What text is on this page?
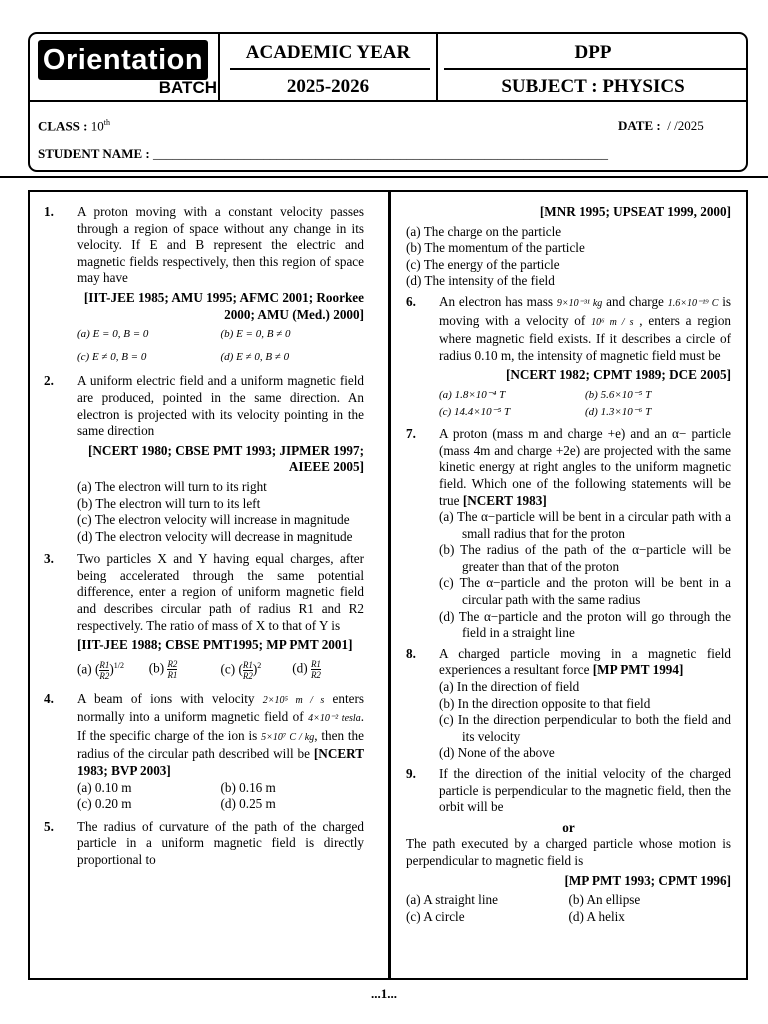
Orientation
BATCH
ACADEMIC YEAR
2025-2026
DPP
SUBJECT : PHYSICS
CLASS : 10th	DATE : / /2025
STUDENT NAME : ______________________________________________________________________
1. A proton moving with a constant velocity passes through a region of space without any change in its velocity. If E and B represent the electric and magnetic fields respectively, then this region of space may have
[IIT-JEE 1985; AMU 1995; AFMC 2001; Roorkee 2000; AMU (Med.) 2000]
(a) E = 0, B = 0	(b) E = 0, B ≠ 0
(c) E ≠ 0, B = 0	(d) E ≠ 0, B ≠ 0
2. A uniform electric field and a uniform magnetic field are produced, pointed in the same direction. An electron is projected with its velocity pointing in the same direction
[NCERT 1980; CBSE PMT 1993; JIPMER 1997; AIEEE 2005]
(a) The electron will turn to its right
(b) The electron will turn to its left
(c) The electron velocity will increase in magnitude
(d) The electron velocity will decrease in magnitude
3. Two particles X and Y having equal charges, after being accelerated through the same potential difference, enter a region of uniform magnetic field and describes circular path of radius R1 and R2 respectively. The ratio of mass of X to that of Y is
[IIT-JEE 1988; CBSE PMT1995; MP PMT 2001]
(a) ( $\frac{R1}{R2} )^{1/2}$	$(b) \frac{R2}{R1}$	(c) ( $\frac{R1}{R2} )^2$	$(d) \frac{R1}{R2}$
4. A beam of ions with velocity 2×10⁵ m / s enters normally into a uniform magnetic field of 4×10⁻² tesla. If the specific charge of the ion is 5×10⁷ C / kg, then the radius of the circular path described will be [NCERT 1983; BVP 2003]
(a) 0.10 m	(b) 0.16 m
(c) 0.20 m	(d) 0.25 m
5. The radius of curvature of the path of the charged particle in a uniform magnetic field is directly proportional to
[MNR 1995; UPSEAT 1999, 2000]
(a) The charge on the particle
(b) The momentum of the particle
(c) The energy of the particle
(d) The intensity of the field
6. An electron has mass 9×10⁻³¹ kg and charge 1.6×10⁻¹⁹ C is moving with a velocity of 10⁶ m / s , enters a region where magnetic field exists. If it describes a circle of radius 0.10 m, the intensity of magnetic field must be
[NCERT 1982; CPMT 1989; DCE 2005]
(a) 1.8×10⁻⁴ T	(b) 5.6×10⁻⁵ T
(c) 14.4×10⁻⁵ T	(d) 1.3×10⁻⁶ T
7. A proton (mass m and charge +e) and an α− particle (mass 4m and charge +2e) are projected with the same kinetic energy at right angles to the uniform magnetic field. Which one of the following statements will be true [NCERT 1983]
(a) The α−particle will be bent in a circular path with a small radius that for the proton
(b) The radius of the path of the α−particle will be greater than that of the proton
(c) The α−particle and the proton will be bent in a circular path with the same radius
(d) The α−particle and the proton will go through the field in a straight line
8. A charged particle moving in a magnetic field experiences a resultant force [MP PMT 1994]
(a) In the direction of field
(b) In the direction opposite to that field
(c) In the direction perpendicular to both the field and its velocity
(d) None of the above
9. If the direction of the initial velocity of the charged particle is perpendicular to the magnetic field, then the orbit will be
or
The path executed by a charged particle whose motion is perpendicular to magnetic field is
[MP PMT 1993; CPMT 1996]
(a) A straight line	(b) An ellipse
(c) A circle	(d) A helix
...1...
